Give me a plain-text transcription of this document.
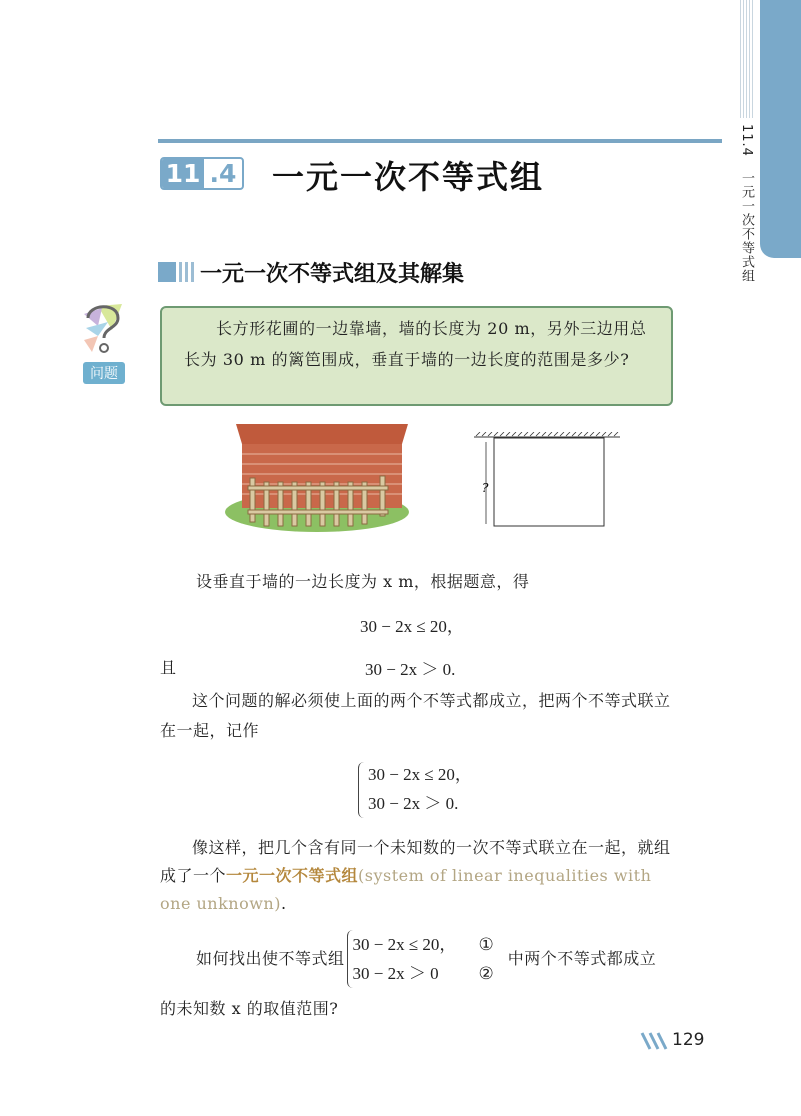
11.4　一元一次不等式组
11 .4 一元一次不等式组
一元一次不等式组及其解集
问题
长方形花圃的一边靠墙，墙的长度为 20 m，另外三边用总长为 30 m 的篱笆围成，垂直于墙的一边长度的范围是多少?
?
设垂直于墙的一边长度为 x m，根据题意，得
30 − 2x ≤ 20，
且	30 − 2x ＞ 0.
这个问题的解必须使上面的两个不等式都成立，把两个不等式联立在一起，记作
30 − 2x ≤ 20，
30 − 2x ＞ 0.
像这样，把几个含有同一个未知数的一次不等式联立在一起，就组成了一个一元一次不等式组(system of linear inequalities with one unknown).
如何找出使不等式组
30 − 2x ≤ 20，
30 − 2x ＞ 0
①
②
中两个不等式都成立
的未知数 x 的取值范围?
129
